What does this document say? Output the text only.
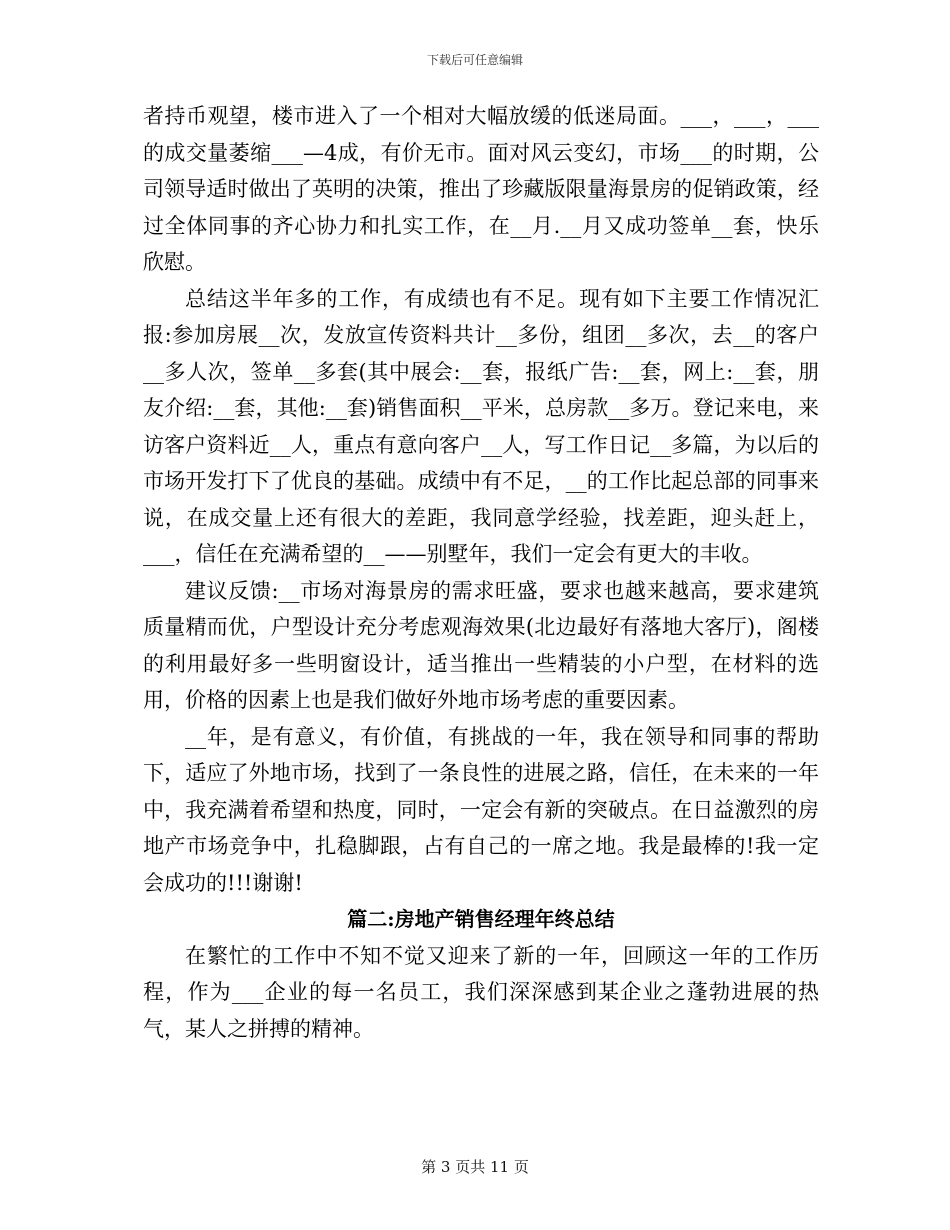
下载后可任意编辑

者持币观望，楼市进入了一个相对大幅放缓的低迷局面。___，___，___的成交量萎缩___—4成，有价无市。面对风云变幻，市场___的时期，公司领导适时做出了英明的决策，推出了珍藏版限量海景房的促销政策，经过全体同事的齐心协力和扎实工作，在__月.__月又成功签单__套，快乐欣慰。

总结这半年多的工作，有成绩也有不足。现有如下主要工作情况汇报:参加房展__次，发放宣传资料共计__多份，组团__多次，去__的客户__多人次，签单__多套(其中展会:__套，报纸广告:__套，网上:__套，朋友介绍:__套，其他:__套)销售面积__平米，总房款__多万。登记来电，来访客户资料近__人，重点有意向客户__人，写工作日记__多篇，为以后的市场开发打下了优良的基础。成绩中有不足，__的工作比起总部的同事来说，在成交量上还有很大的差距，我同意学经验，找差距，迎头赶上，___，信任在充满希望的__——别墅年，我们一定会有更大的丰收。

建议反馈:__市场对海景房的需求旺盛，要求也越来越高，要求建筑质量精而优，户型设计充分考虑观海效果(北边最好有落地大客厅)，阁楼的利用最好多一些明窗设计，适当推出一些精装的小户型，在材料的选用，价格的因素上也是我们做好外地市场考虑的重要因素。

__年，是有意义，有价值，有挑战的一年，我在领导和同事的帮助下，适应了外地市场，找到了一条良性的进展之路，信任，在未来的一年中，我充满着希望和热度，同时，一定会有新的突破点。在日益激烈的房地产市场竞争中，扎稳脚跟，占有自己的一席之地。我是最棒的!我一定会成功的!!!谢谢!

篇二:房地产销售经理年终总结

在繁忙的工作中不知不觉又迎来了新的一年，回顾这一年的工作历程，作为___企业的每一名员工，我们深深感到某企业之蓬勃进展的热气，某人之拼搏的精神。

第 3 页共 11 页
